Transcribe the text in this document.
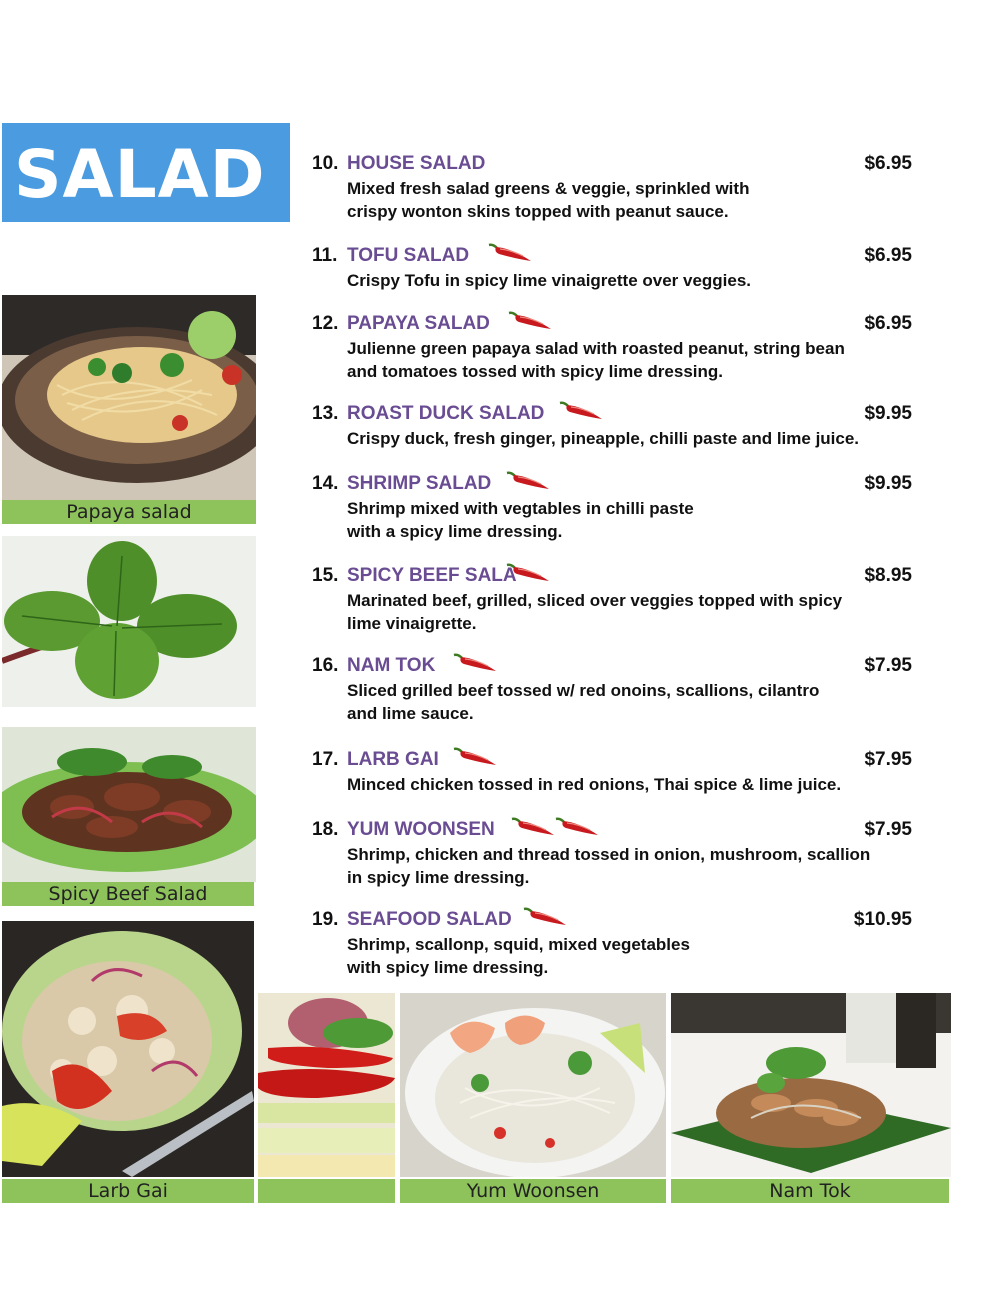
SALAD
Papaya salad
Spicy Beef Salad
Larb Gai	Yum Woonsen	Nam Tok
10. HOUSE SALAD	$6.95
Mixed fresh salad greens & veggie, sprinkled with
crispy wonton skins topped with peanut sauce.
11. TOFU SALAD	$6.95
Crispy Tofu in spicy lime vinaigrette over veggies.
12. PAPAYA SALAD	$6.95
Julienne green papaya salad with roasted peanut, string bean
and tomatoes tossed with spicy lime dressing.
13. ROAST DUCK SALAD	$9.95
Crispy duck, fresh ginger, pineapple, chilli paste and lime juice.
14. SHRIMP SALAD	$9.95
Shrimp mixed with vegtables in chilli paste
with a spicy lime dressing.
15. SPICY BEEF SALA	$8.95
Marinated beef, grilled, sliced over veggies topped with spicy
lime vinaigrette.
16. NAM TOK	$7.95
Sliced grilled beef tossed w/ red onoins, scallions, cilantro
and lime sauce.
17. LARB GAI	$7.95
Minced chicken tossed in red onions, Thai spice & lime juice.
18. YUM WOONSEN	$7.95
Shrimp, chicken and thread tossed in onion, mushroom, scallion
in spicy lime dressing.
19. SEAFOOD SALAD	$10.95
Shrimp, scallonp, squid, mixed vegetables
with spicy lime dressing.
